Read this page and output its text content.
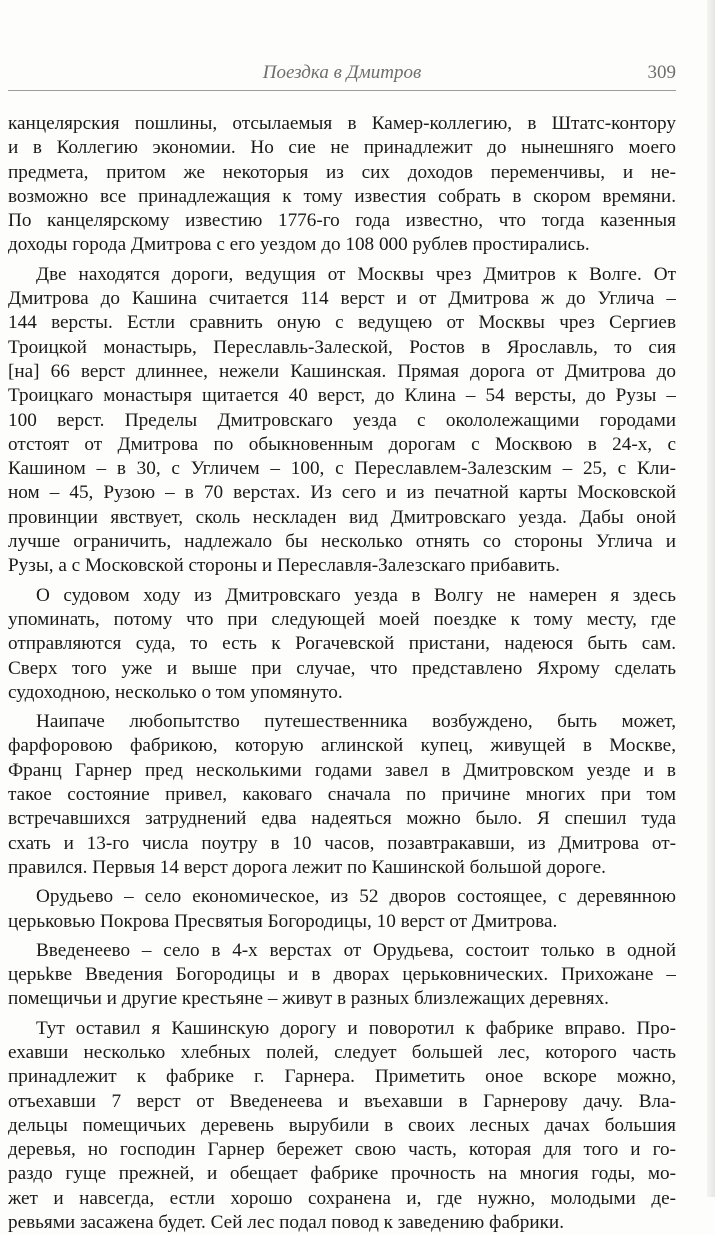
Поездка в Дмитров	309

канцелярския пошлины, отсылаемыя в Камер-коллегию, в Штатс-контору
и в Коллегию экономии. Но сие не принадлежит до нынешняго моего
предмета, притом же некоторыя из сих доходов переменчивы, и не-
возможно все принадлежащия к тому известия собрать в скором времяни.
По канцелярскому известию 1776-го года известно, что тогда казенныя
доходы города Дмитрова с его уездом до 108 000 рублев простирались.

Две находятся дороги, ведущия от Москвы чрез Дмитров к Волге. От
Дмитрова до Кашина считается 114 верст и от Дмитрова ж до Углича –
144 версты. Естли сравнить оную с ведущею от Москвы чрез Сергиев
Троицкой монастырь, Переславль-Залеской, Ростов в Ярославль, то сия
[на] 66 верст длиннее, нежели Кашинская. Прямая дорога от Дмитрова до
Троицкаго монастыря щитается 40 верст, до Клина – 54 версты, до Рузы –
100 верст. Пределы Дмитровскаго уезда с окололежащими городами
отстоят от Дмитрова по обыкновенным дорогам с Москвою в 24-х, с
Кашином – в 30, с Угличем – 100, с Переславлем-Залезским – 25, с Кли-
ном – 45, Рузою – в 70 верстах. Из сего и из печатной карты Московской
провинции явствует, сколь нескладен вид Дмитровскаго уезда. Дабы оной
лучше ограничить, надлежало бы несколько отнять со стороны Углича и
Рузы, а с Московской стороны и Переславля-Залезскаго прибавить.

О судовом ходу из Дмитровскаго уезда в Волгу не намерен я здесь
упоминать, потому что при следующей моей поездке к тому месту, где
отправляются суда, то есть к Рогачевской пристани, надеюся быть сам.
Сверх того уже и выше при случае, что представлено Яхрому сделать
судоходною, несколько о том упомянуто.

Наипаче любопытство путешественника возбуждено, быть может,
фарфоровою фабрикою, которую аглинской купец, живущей в Москве,
Франц Гарнер пред несколькими годами завел в Дмитровском уезде и в
такое состояние привел, каковаго сначала по причине многих при том
встречавшихся затруднений едва надеяться можно было. Я спешил туда
схать и 13-го числа поутру в 10 часов, позавтракавши, из Дмитрова от-
правился. Первыя 14 верст дорога лежит по Кашинской большой дороге.

Орудьево – село економическое, из 52 дворов состоящее, с деревянною
церьковью Покрова Пресвятыя Богородицы, 10 верст от Дмитрова.

Введенеево – село в 4-х верстах от Орудьева, состоит только в одной
церьkве Введения Богородицы и в дворах церьковнических. Прихожане –
помещичьи и другие крестьяне – живут в разных близлежащих деревнях.

Тут оставил я Кашинскую дорогу и поворотил к фабрике вправо. Про-
ехавши несколько хлебных полей, следует большей лес, которого часть
принадлежит к фабрике г. Гарнера. Приметить оное вскоре можно,
отъехавши 7 верст от Введенеева и въехавши в Гарнерову дачу. Вла-
дельцы помещичьих деревень вырубили в своих лесных дачах большия
деревья, но господин Гарнер бережет свою часть, которая для того и го-
раздо гуще прежней, и обещает фабрике прочность на многия годы, мо-
жет и навсегда, естли хорошо сохранена и, где нужно, молодыми де-
ревьями засажена будет. Сей лес подал повод к заведению фабрики.
